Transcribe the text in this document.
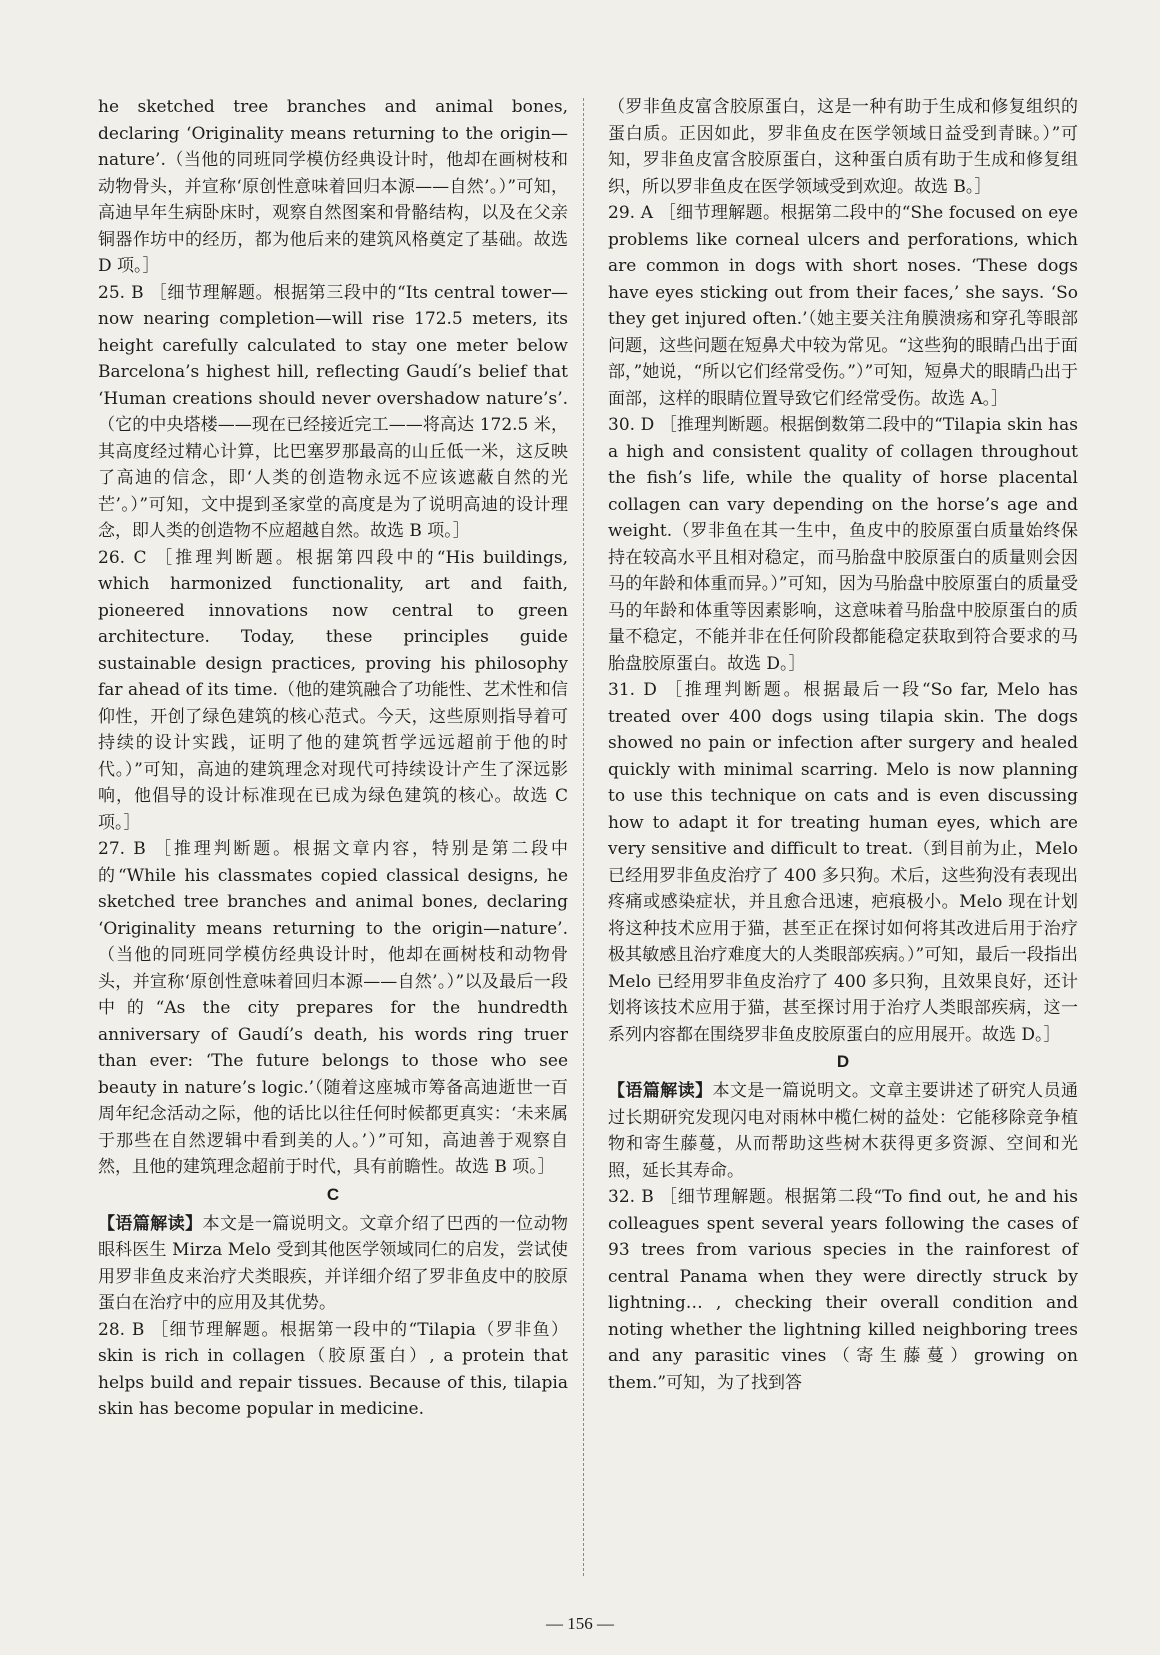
he sketched tree branches and animal bones, declaring ‘Originality means returning to the origin—nature’.（当他的同班同学模仿经典设计时，他却在画树枝和动物骨头，并宣称‘原创性意味着回归本源——自然’。）”可知，高迪早年生病卧床时，观察自然图案和骨骼结构，以及在父亲铜器作坊中的经历，都为他后来的建筑风格奠定了基础。故选 D 项。］

25. B ［细节理解题。根据第三段中的“Its central tower—now nearing completion—will rise 172.5 meters, its height carefully calculated to stay one meter below Barcelona’s highest hill, reflecting Gaudí’s belief that ‘Human creations should never overshadow nature’s’.（它的中央塔楼——现在已经接近完工——将高达 172.5 米，其高度经过精心计算，比巴塞罗那最高的山丘低一米，这反映了高迪的信念，即‘人类的创造物永远不应该遮蔽自然的光芒’。）”可知，文中提到圣家堂的高度是为了说明高迪的设计理念，即人类的创造物不应超越自然。故选 B 项。］

26. C ［推理判断题。根据第四段中的“His buildings, which harmonized functionality, art and faith, pioneered innovations now central to green architecture. Today, these principles guide sustainable design practices, proving his philosophy far ahead of its time.（他的建筑融合了功能性、艺术性和信仰性，开创了绿色建筑的核心范式。今天，这些原则指导着可持续的设计实践，证明了他的建筑哲学远远超前于他的时代。）”可知，高迪的建筑理念对现代可持续设计产生了深远影响，他倡导的设计标准现在已成为绿色建筑的核心。故选 C 项。］

27. B ［推理判断题。根据文章内容，特别是第二段中的“While his classmates copied classical designs, he sketched tree branches and animal bones, declaring ‘Originality means returning to the origin—nature’.（当他的同班同学模仿经典设计时，他却在画树枝和动物骨头，并宣称‘原创性意味着回归本源——自然’。）”以及最后一段中的“As the city prepares for the hundredth anniversary of Gaudí’s death, his words ring truer than ever: ‘The future belongs to those who see beauty in nature’s logic.’（随着这座城市筹备高迪逝世一百周年纪念活动之际，他的话比以往任何时候都更真实：‘未来属于那些在自然逻辑中看到美的人。’）”可知，高迪善于观察自然，且他的建筑理念超前于时代，具有前瞻性。故选 B 项。］

C

【语篇解读】本文是一篇说明文。文章介绍了巴西的一位动物眼科医生 Mirza Melo 受到其他医学领域同仁的启发，尝试使用罗非鱼皮来治疗犬类眼疾，并详细介绍了罗非鱼皮中的胶原蛋白在治疗中的应用及其优势。

28. B ［细节理解题。根据第一段中的“Tilapia（罗非鱼）skin is rich in collagen（胶原蛋白）, a protein that helps build and repair tissues. Because of this, tilapia skin has become popular in medicine.

（罗非鱼皮富含胶原蛋白，这是一种有助于生成和修复组织的蛋白质。正因如此，罗非鱼皮在医学领域日益受到青睐。）”可知，罗非鱼皮富含胶原蛋白，这种蛋白质有助于生成和修复组织，所以罗非鱼皮在医学领域受到欢迎。故选 B。］

29. A ［细节理解题。根据第二段中的“She focused on eye problems like corneal ulcers and perforations, which are common in dogs with short noses. ‘These dogs have eyes sticking out from their faces,’ she says. ‘So they get injured often.’（她主要关注角膜溃疡和穿孔等眼部问题，这些问题在短鼻犬中较为常见。“这些狗的眼睛凸出于面部，”她说，“所以它们经常受伤。”）”可知，短鼻犬的眼睛凸出于面部，这样的眼睛位置导致它们经常受伤。故选 A。］

30. D ［推理判断题。根据倒数第二段中的“Tilapia skin has a high and consistent quality of collagen throughout the fish’s life, while the quality of horse placental collagen can vary depending on the horse’s age and weight.（罗非鱼在其一生中，鱼皮中的胶原蛋白质量始终保持在较高水平且相对稳定，而马胎盘中胶原蛋白的质量则会因马的年龄和体重而异。）”可知，因为马胎盘中胶原蛋白的质量受马的年龄和体重等因素影响，这意味着马胎盘中胶原蛋白的质量不稳定，不能并非在任何阶段都能稳定获取到符合要求的马胎盘胶原蛋白。故选 D。］

31. D ［推理判断题。根据最后一段“So far, Melo has treated over 400 dogs using tilapia skin. The dogs showed no pain or infection after surgery and healed quickly with minimal scarring. Melo is now planning to use this technique on cats and is even discussing how to adapt it for treating human eyes, which are very sensitive and difficult to treat.（到目前为止，Melo 已经用罗非鱼皮治疗了 400 多只狗。术后，这些狗没有表现出疼痛或感染症状，并且愈合迅速，疤痕极小。Melo 现在计划将这种技术应用于猫，甚至正在探讨如何将其改进后用于治疗极其敏感且治疗难度大的人类眼部疾病。）”可知，最后一段指出 Melo 已经用罗非鱼皮治疗了 400 多只狗，且效果良好，还计划将该技术应用于猫，甚至探讨用于治疗人类眼部疾病，这一系列内容都在围绕罗非鱼皮胶原蛋白的应用展开。故选 D。］

D

【语篇解读】本文是一篇说明文。文章主要讲述了研究人员通过长期研究发现闪电对雨林中榄仁树的益处：它能移除竞争植物和寄生藤蔓，从而帮助这些树木获得更多资源、空间和光照，延长其寿命。

32. B ［细节理解题。根据第二段“To find out, he and his colleagues spent several years following the cases of 93 trees from various species in the rainforest of central Panama when they were directly struck by lightning… , checking their overall condition and noting whether the lightning killed neighboring trees and any parasitic vines（寄生藤蔓）growing on them.”可知，为了找到答

— 156 —
